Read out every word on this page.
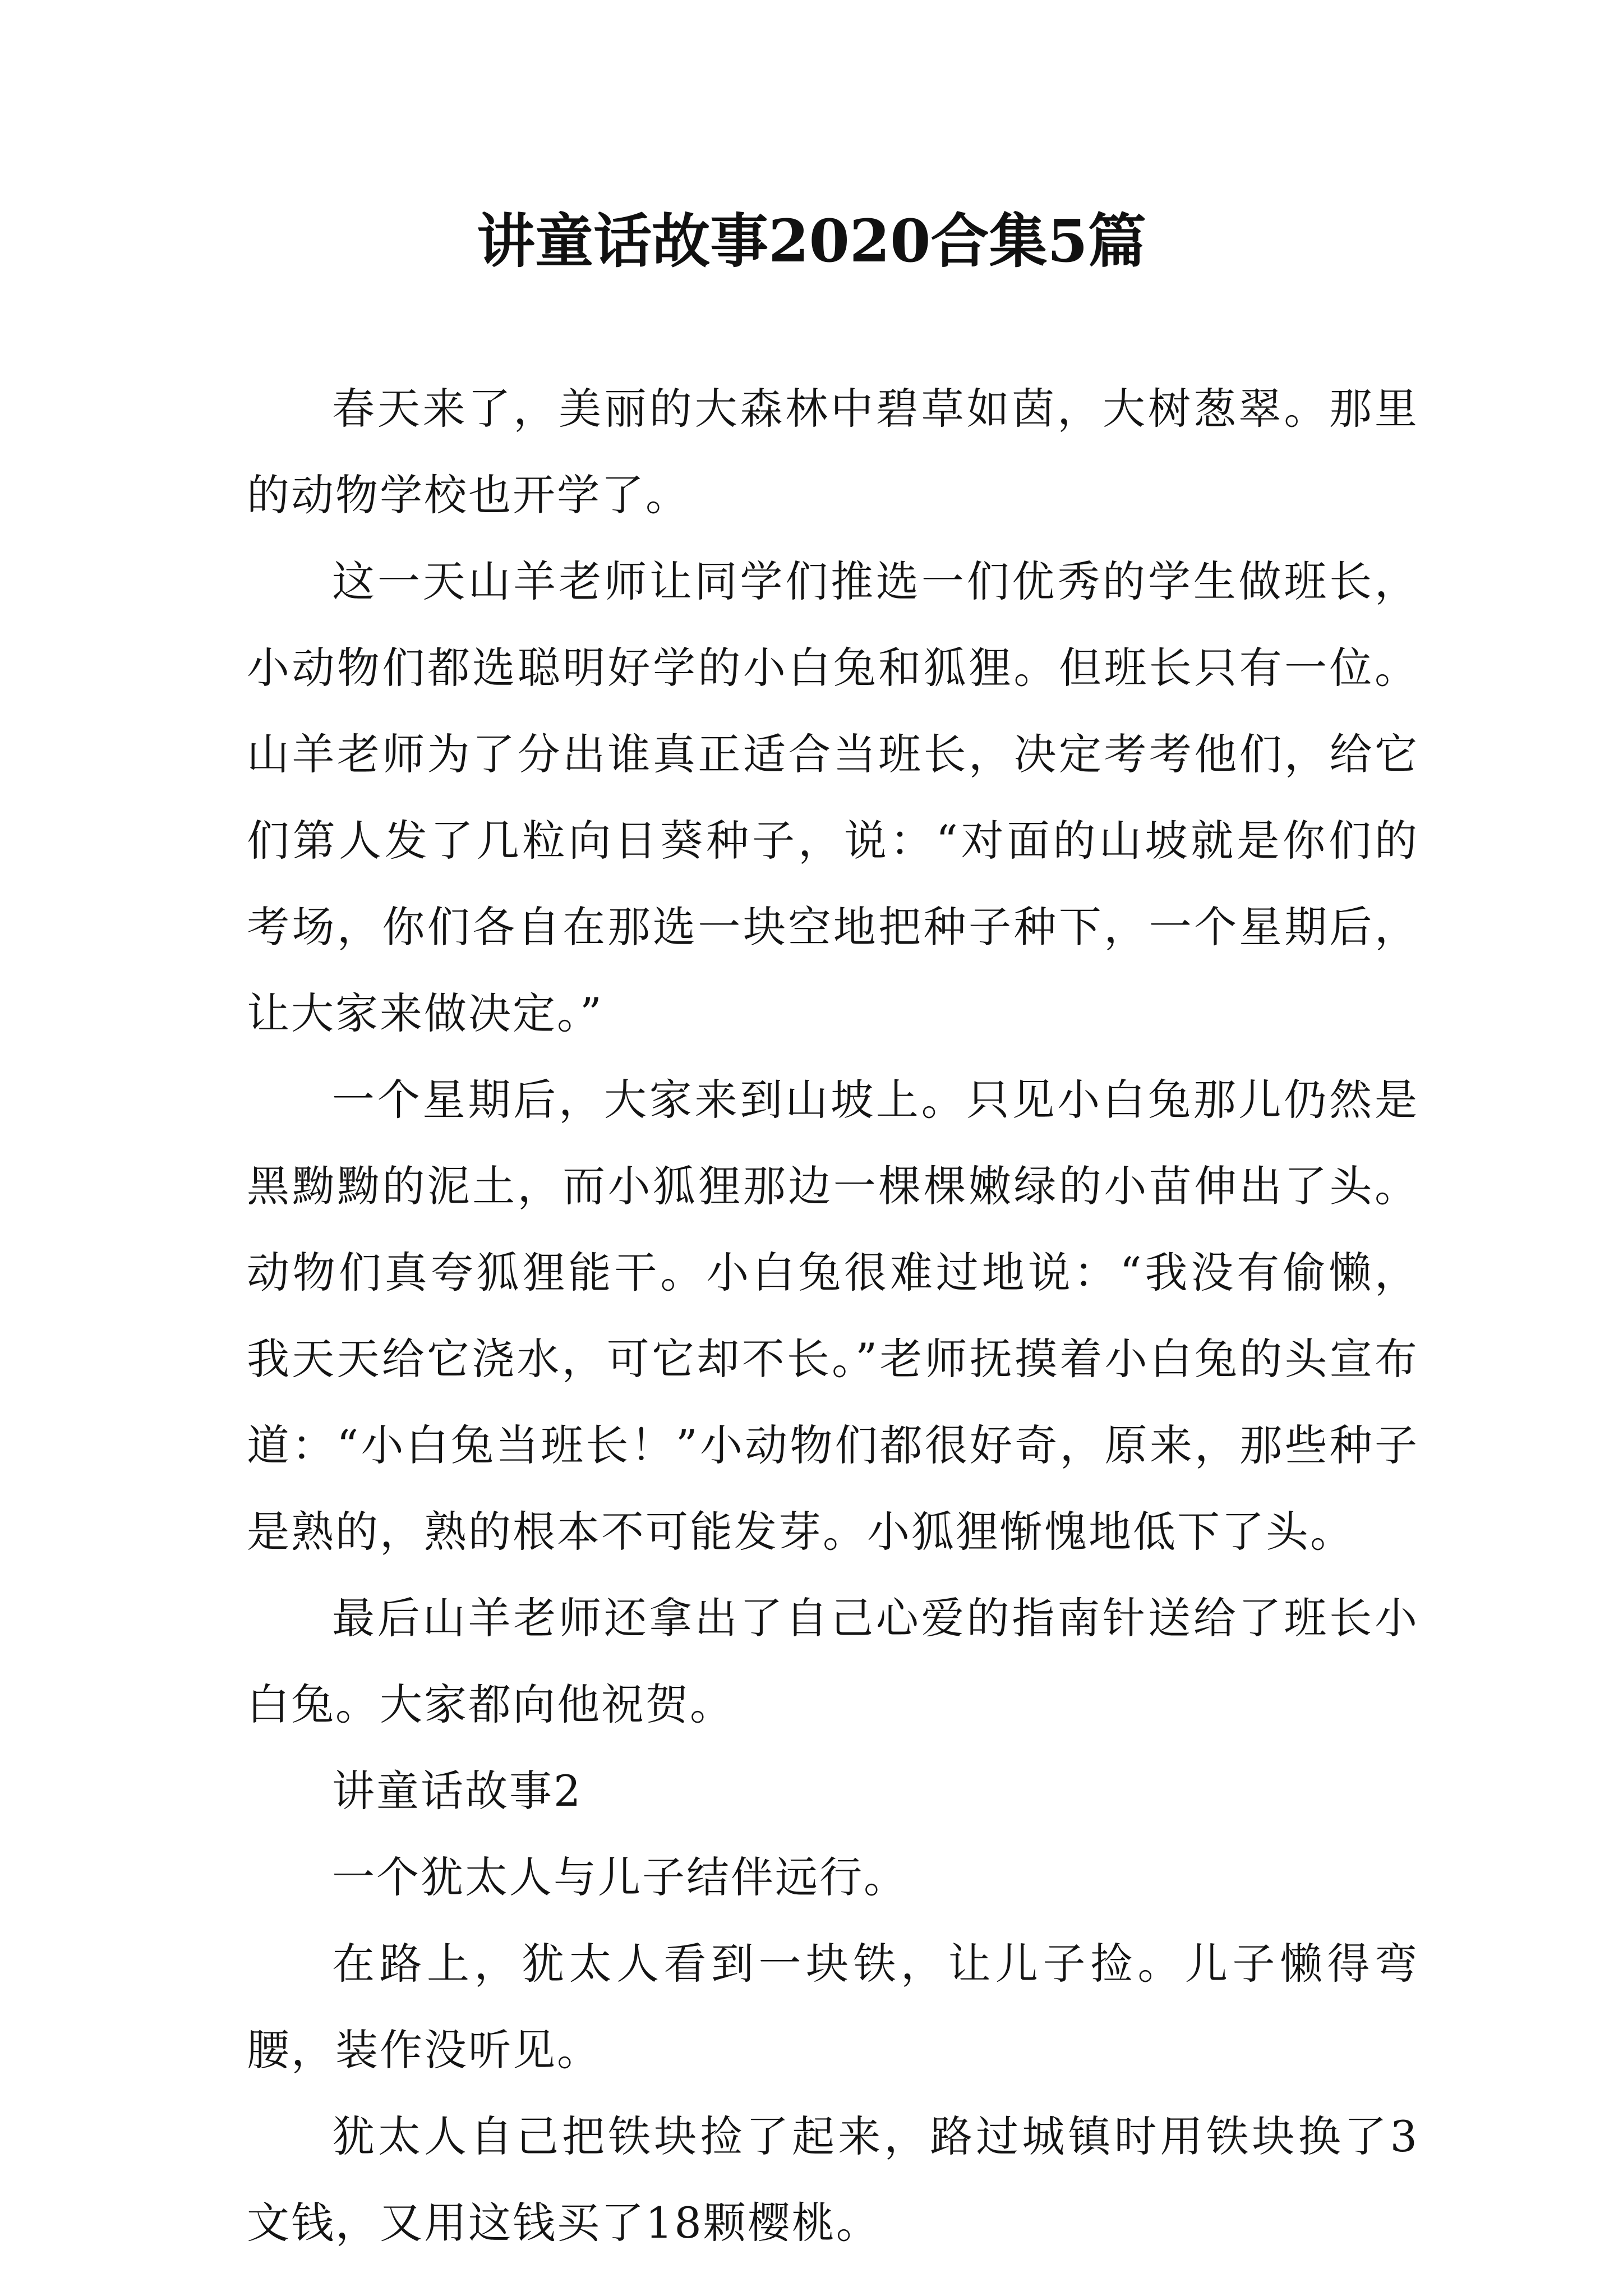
讲童话故事2020合集5篇

春天来了，美丽的大森林中碧草如茵，大树葱翠。那里的动物学校也开学了。

这一天山羊老师让同学们推选一们优秀的学生做班长，小动物们都选聪明好学的小白兔和狐狸。但班长只有一位。山羊老师为了分出谁真正适合当班长，决定考考他们，给它们第人发了几粒向日葵种子，说：“对面的山坡就是你们的考场，你们各自在那选一块空地把种子种下，一个星期后，让大家来做决定。”

一个星期后，大家来到山坡上。只见小白兔那儿仍然是黑黝黝的泥土，而小狐狸那边一棵棵嫩绿的小苗伸出了头。动物们真夸狐狸能干。小白兔很难过地说：“我没有偷懒，我天天给它浇水，可它却不长。”老师抚摸着小白兔的头宣布道：“小白兔当班长！”小动物们都很好奇，原来，那些种子是熟的，熟的根本不可能发芽。小狐狸惭愧地低下了头。

最后山羊老师还拿出了自己心爱的指南针送给了班长小白兔。大家都向他祝贺。

讲童话故事2

一个犹太人与儿子结伴远行。

在路上，犹太人看到一块铁，让儿子捡。儿子懒得弯腰，装作没听见。

犹太人自己把铁块捡了起来，路过城镇时用铁块换了3文钱，又用这钱买了18颗樱桃。
